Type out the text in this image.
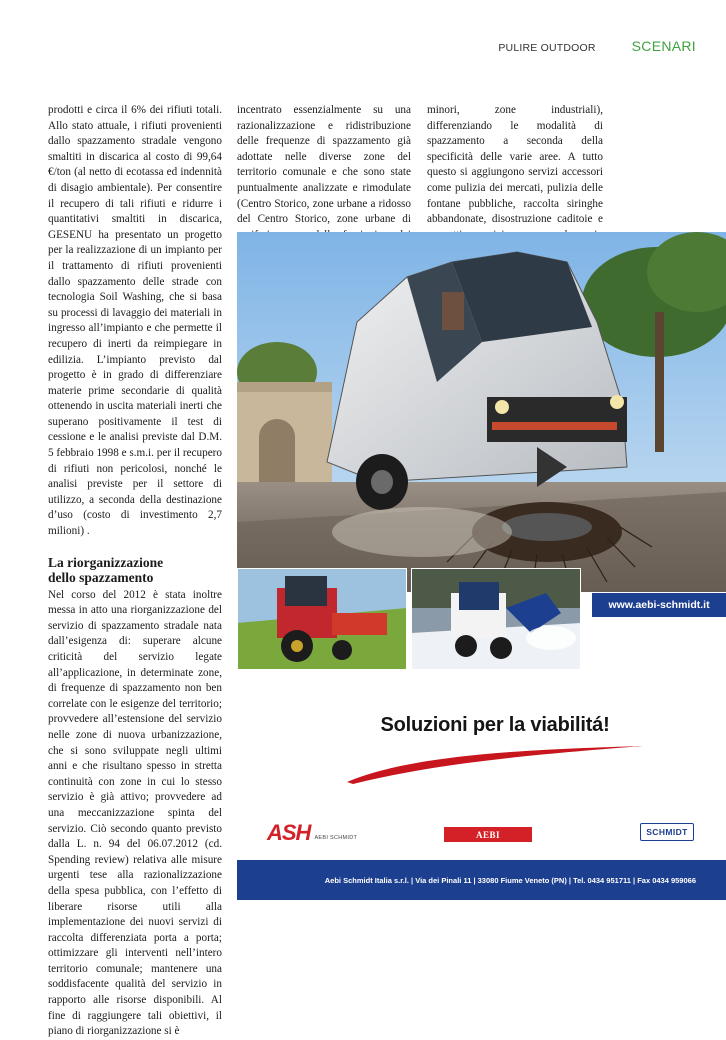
PULIRE OUTDOOR	SCENARI

prodotti e circa il 6% dei rifiuti totali. Allo stato attuale, i rifiuti provenienti dallo spazzamento stradale vengono smaltiti in discarica al costo di 99,64 €/ton (al netto di ecotassa ed indennità di disagio ambientale). Per consentire il recupero di tali rifiuti e ridurre i quantitativi smaltiti in discarica, GESENU ha presentato un progetto per la realizzazione di un impianto per il trattamento di rifiuti provenienti dallo spazzamento delle strade con tecnologia Soil Washing, che si basa su processi di lavaggio dei materiali in ingresso all’impianto e che permette il recupero di inerti da reimpiegare in edilizia. L’impianto previsto dal progetto è in grado di differenziare materie prime secondarie di qualità ottenendo in uscita materiali inerti che superano positivamente il test di cessione e le analisi previste dal D.M. 5 febbraio 1998 e s.m.i. per il recupero di rifiuti non pericolosi, nonché le analisi previste per il settore di utilizzo, a seconda della destinazione d’uso (costo di investimento 2,7 milioni) .

La riorganizzazione
dello spazzamento

Nel corso del 2012 è stata inoltre messa in atto una riorganizzazione del servizio di spazzamento stradale nata dall’esigenza di: superare alcune criticità del servizio legate all’applicazione, in determinate zone, di frequenze di spazzamento non ben correlate con le esigenze del territorio; provvedere all’estensione del servizio nelle zone di nuova urbanizzazione, che si sono sviluppate negli ultimi anni e che risultano spesso in stretta continuità con zone in cui lo stesso servizio è già attivo; provvedere ad una meccanizzazione spinta del servizio. Ciò secondo quanto previsto dalla L. n. 94 del 06.07.2012 (cd. Spending review) relativa alle misure urgenti tese alla razionalizzazione della spesa pubblica, con l’effetto di liberare risorse utili alla implementazione dei nuovi servizi di raccolta differenziata porta a porta; ottimizzare gli interventi nell’intero territorio comunale; mantenere una soddisfacente qualità del servizio in rapporto alle risorse disponibili. Al fine di raggiungere tali obiettivi, il piano di riorganizzazione si è

incentrato essenzialmente su una razionalizzazione e ridistribuzione delle frequenze di spazzamento già adottate nelle diverse zone del territorio comunale e che sono state puntualmente analizzate e rimodulate (Centro Storico, zone urbane a ridosso del Centro Storico, zone urbane di

minori, zone industriali), differenziando le modalità di spazzamento a seconda della specificità delle varie aree. A tutto questo si aggiungono servizi accessori come pulizia dei mercati, pulizia delle fontane pubbliche, raccolta siringhe abbandonate, disostruzione caditoie e

www.aebi-schmidt.it
Soluzioni per la viabilitá!
ASH AEBI SCHMIDT	AEBI	SCHMIDT
Aebi Schmidt Italia s.r.l. | Via dei Pinali 11 | 33080 Fiume Veneto (PN) | Tel. 0434 951711 | Fax 0434 959066
